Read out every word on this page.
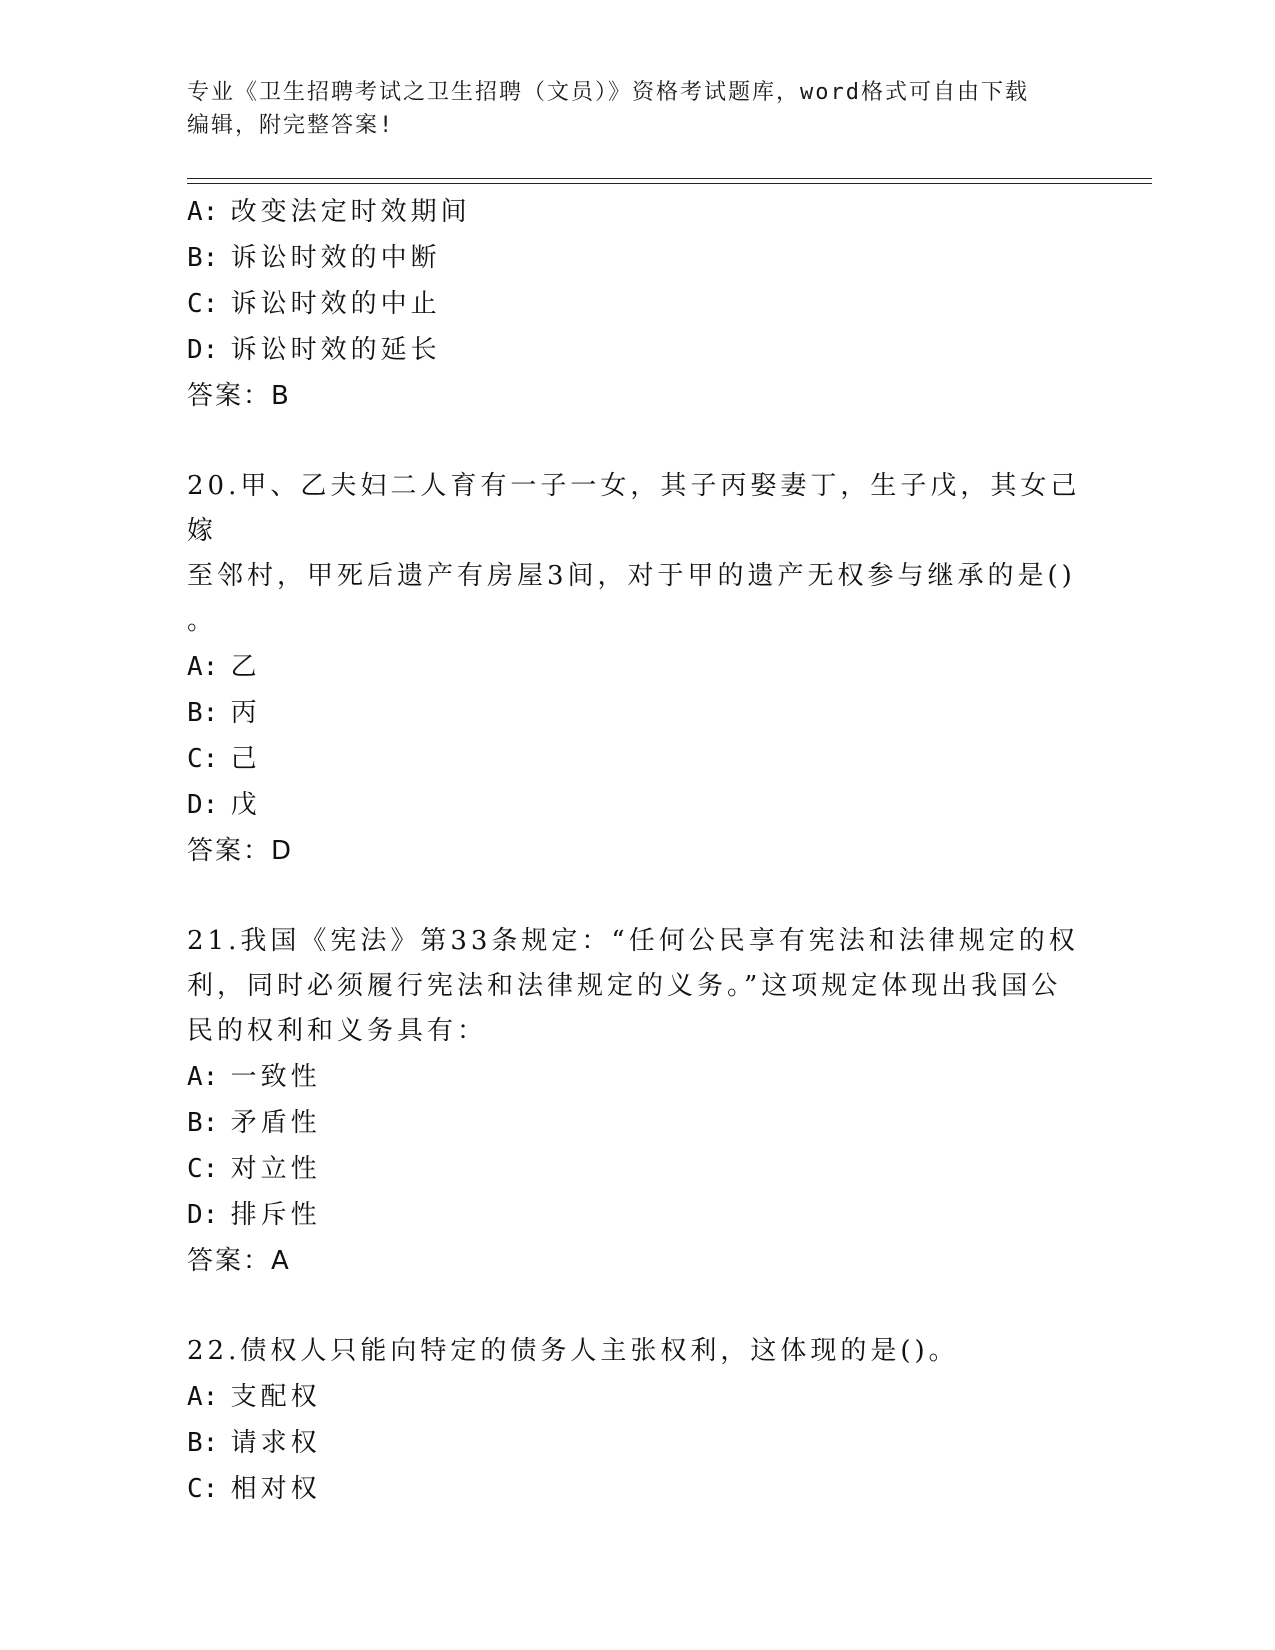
专业《卫生招聘考试之卫生招聘（文员）》资格考试题库，word格式可自由下载
编辑，附完整答案!
A: 改变法定时效期间
B: 诉讼时效的中断
C: 诉讼时效的中止
D: 诉讼时效的延长
答案：B
20.甲、乙夫妇二人育有一子一女，其子丙娶妻丁，生子戊，其女己嫁
至邻村，甲死后遗产有房屋3间，对于甲的遗产无权参与继承的是()
。
A: 乙
B: 丙
C: 己
D: 戊
答案：D
21.我国《宪法》第33条规定：“任何公民享有宪法和法律规定的权
利，同时必须履行宪法和法律规定的义务。”这项规定体现出我国公
民的权利和义务具有：
A: 一致性
B: 矛盾性
C: 对立性
D: 排斥性
答案：A
22.债权人只能向特定的债务人主张权利，这体现的是()。
A: 支配权
B: 请求权
C: 相对权
